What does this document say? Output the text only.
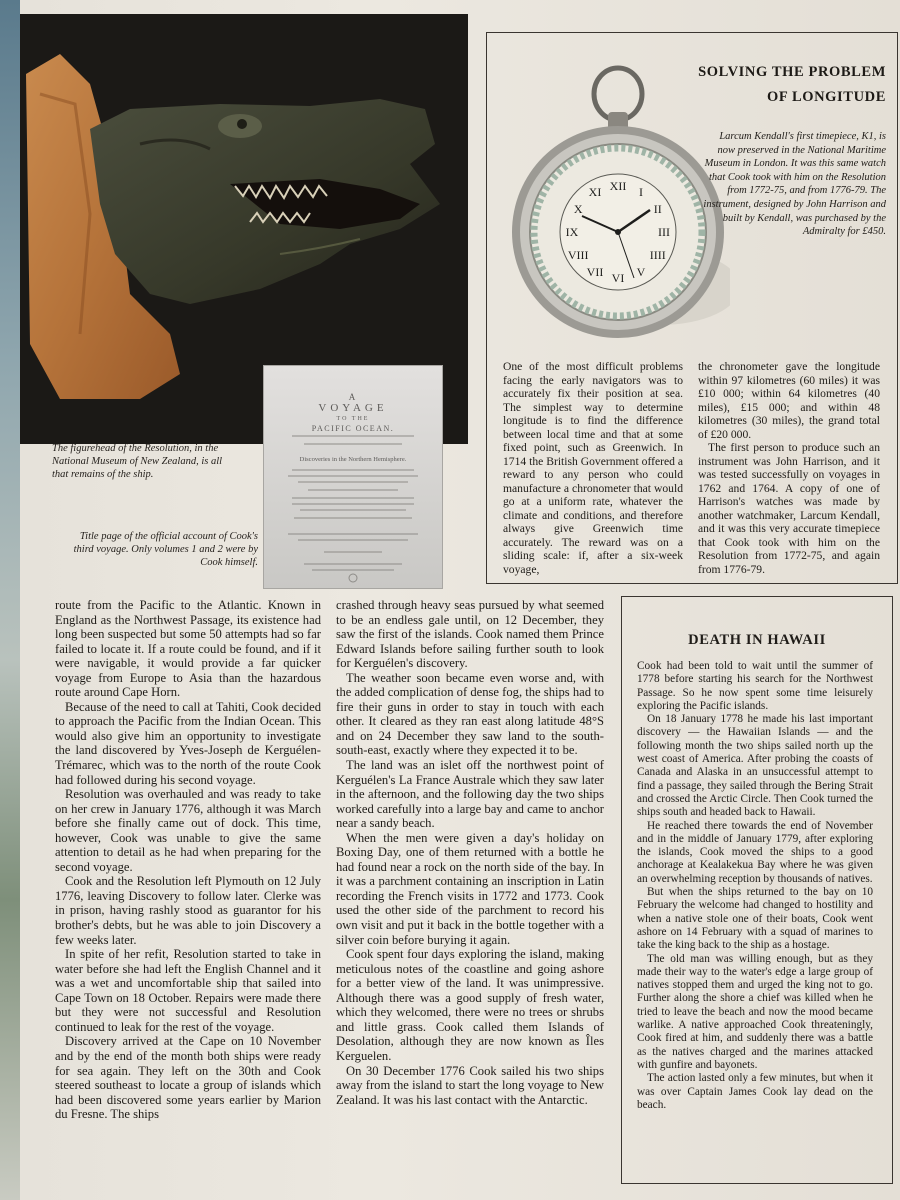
A
VOYAGE
TO THE
PACIFIC OCEAN.
Discoveries in the Northern Hemisphere.
The figurehead of the Resolution, in the National Museum of New Zealand, is all that remains of the ship.
Title page of the official account of Cook's third voyage. Only volumes 1 and 2 were by Cook himself.
SOLVING THE PROBLEM
OF LONGITUDE
XII I
II
III
IIII
V
VI
VII
VIII
IX
X
XI
Larcum Kendall's first timepiece, K1, is now preserved in the National Maritime Museum in London. It was this same watch that Cook took with him on the Resolution from 1772-75, and from 1776-79. The instrument, designed by John Harrison and built by Kendall, was purchased by the Admiralty for £450.

One of the most difficult problems facing the early navigators was to accurately fix their position at sea. The simplest way to determine longitude is to find the difference between local time and that at some fixed point, such as Greenwich. In 1714 the British Government offered a reward to any person who could manufacture a chronometer that would go at a uniform rate, whatever the climate and conditions, and therefore always give Greenwich time accurately. The reward was on a sliding scale: if, after a six-week voyage,

the chronometer gave the longitude within 97 kilometres (60 miles) it was £10 000; within 64 kilometres (40 miles), £15 000; and within 48 kilometres (30 miles), the grand total of £20 000.

The first person to produce such an instrument was John Harrison, and it was tested successfully on voyages in 1762 and 1764. A copy of one of Harrison's watches was made by another watchmaker, Larcum Kendall, and it was this very accurate timepiece that Cook took with him on the Resolution from 1772-75, and again from 1776-79.

route from the Pacific to the Atlantic. Known in England as the Northwest Passage, its existence had long been suspected but some 50 attempts had so far failed to locate it. If a route could be found, and if it were navigable, it would provide a far quicker voyage from Europe to Asia than the hazardous route around Cape Horn.

Because of the need to call at Tahiti, Cook decided to approach the Pacific from the Indian Ocean. This would also give him an opportunity to investigate the land discovered by Yves-Joseph de Kerguélen-Trémarec, which was to the north of the route Cook had followed during his second voyage.

Resolution was overhauled and was ready to take on her crew in January 1776, although it was March before she finally came out of dock. This time, however, Cook was unable to give the same attention to detail as he had when preparing for the second voyage.

Cook and the Resolution left Plymouth on 12 July 1776, leaving Discovery to follow later. Clerke was in prison, having rashly stood as guarantor for his brother's debts, but he was able to join Discovery a few weeks later.

In spite of her refit, Resolution started to take in water before she had left the English Channel and it was a wet and uncomfortable ship that sailed into Cape Town on 18 October. Repairs were made there but they were not successful and Resolution continued to leak for the rest of the voyage.

Discovery arrived at the Cape on 10 November and by the end of the month both ships were ready for sea again. They left on the 30th and Cook steered southeast to locate a group of islands which had been discovered some years earlier by Marion du Fresne. The ships

crashed through heavy seas pursued by what seemed to be an endless gale until, on 12 December, they saw the first of the islands. Cook named them Prince Edward Islands before sailing further south to look for Kerguélen's discovery.

The weather soon became even worse and, with the added complication of dense fog, the ships had to fire their guns in order to stay in touch with each other. It cleared as they ran east along latitude 48°S and on 24 December they saw land to the south-south-east, exactly where they expected it to be.

The land was an islet off the northwest point of Kerguélen's La France Australe which they saw later in the afternoon, and the following day the two ships worked carefully into a large bay and came to anchor near a sandy beach.

When the men were given a day's holiday on Boxing Day, one of them returned with a bottle he had found near a rock on the north side of the bay. In it was a parchment containing an inscription in Latin recording the French visits in 1772 and 1773. Cook used the other side of the parchment to record his own visit and put it back in the bottle together with a silver coin before burying it again.

Cook spent four days exploring the island, making meticulous notes of the coastline and going ashore for a better view of the land. It was unimpressive. Although there was a good supply of fresh water, which they welcomed, there were no trees or shrubs and little grass. Cook called them Islands of Desolation, although they are now known as Îles Kerguelen.

On 30 December 1776 Cook sailed his two ships away from the island to start the long voyage to New Zealand. It was his last contact with the Antarctic.

DEATH IN HAWAII

Cook had been told to wait until the summer of 1778 before starting his search for the Northwest Passage. So he now spent some time leisurely exploring the Pacific islands.

On 18 January 1778 he made his last important discovery — the Hawaiian Islands — and the following month the two ships sailed north up the west coast of America. After probing the coasts of Canada and Alaska in an unsuccessful attempt to find a passage, they sailed through the Bering Strait and crossed the Arctic Circle. Then Cook turned the ships south and headed back to Hawaii.

He reached there towards the end of November and in the middle of January 1779, after exploring the islands, Cook moved the ships to a good anchorage at Kealakekua Bay where he was given an overwhelming reception by thousands of natives.

But when the ships returned to the bay on 10 February the welcome had changed to hostility and when a native stole one of their boats, Cook went ashore on 14 February with a squad of marines to take the king back to the ship as a hostage.

The old man was willing enough, but as they made their way to the water's edge a large group of natives stopped them and urged the king not to go. Further along the shore a chief was killed when he tried to leave the beach and now the mood became warlike. A native approached Cook threateningly, Cook fired at him, and suddenly there was a battle as the natives charged and the marines attacked with gunfire and bayonets.

The action lasted only a few minutes, but when it was over Captain James Cook lay dead on the beach.
